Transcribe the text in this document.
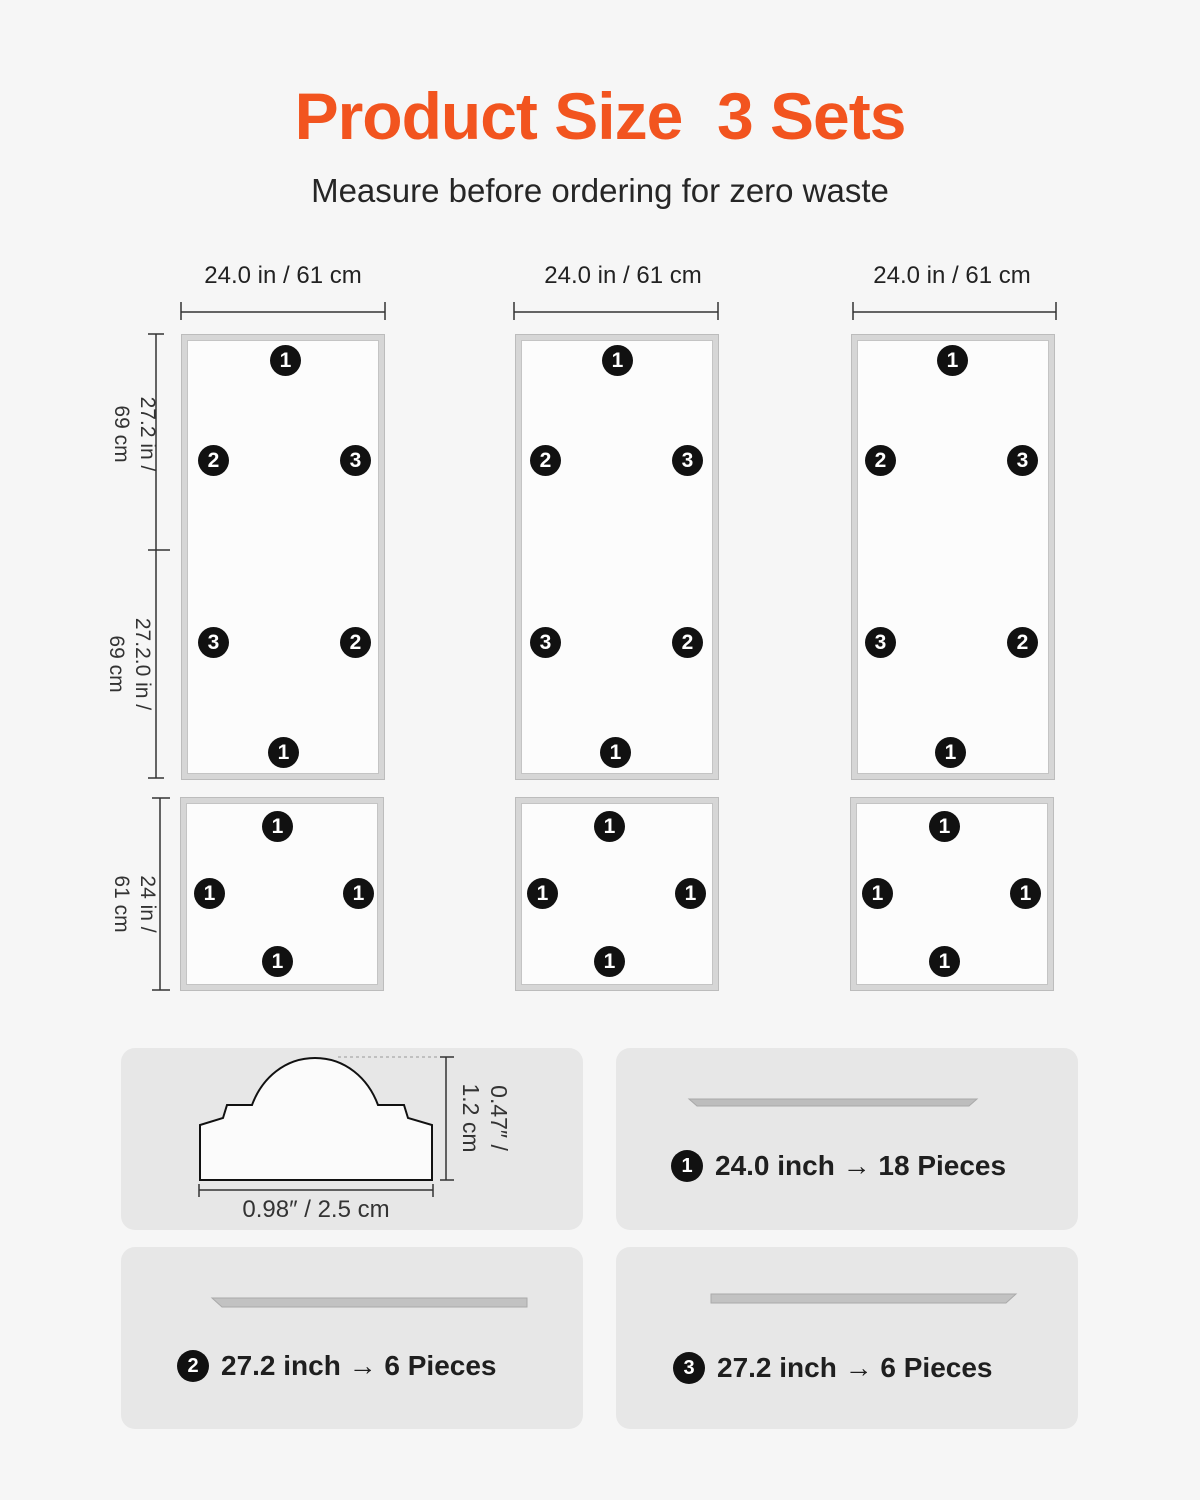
Product Size  3 Sets
Measure before ordering for zero waste
24.0 in / 61 cm	24.0 in / 61 cm	24.0 in / 61 cm
27.2 in /
69 cm
27.2.0 in /
69 cm
24 in /
61 cm
1
2	3
3	2
1
1
1	1
1
1
2	3
3	2
1
1
1	1
1
1
2	3
3	2
1
1
1	1
1
0.98″ / 2.5 cm
0.47″ /
1.2 cm
1 24.0 inch → 18 Pieces
2 27.2 inch → 6 Pieces	3 27.2 inch → 6 Pieces
